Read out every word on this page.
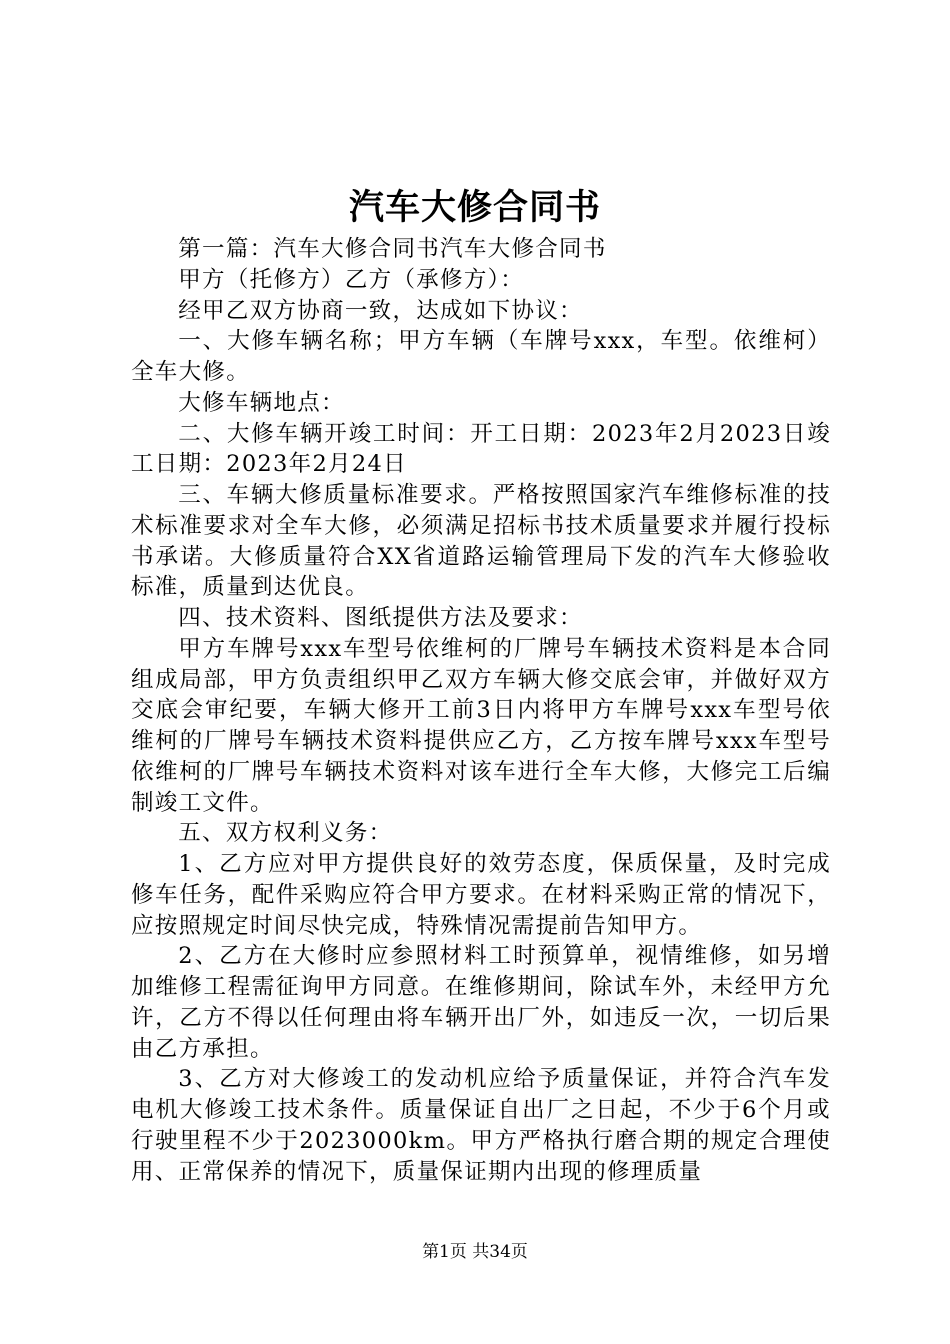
汽车大修合同书

第一篇：汽车大修合同书汽车大修合同书

甲方（托修方）乙方（承修方）：

经甲乙双方协商一致，达成如下协议：

一、大修车辆名称；甲方车辆（车牌号xxx，车型。依维柯）全车大修。

大修车辆地点：

二、大修车辆开竣工时间：开工日期：2023年2月2023日竣工日期：2023年2月24日

三、车辆大修质量标准要求。严格按照国家汽车维修标准的技术标准要求对全车大修，必须满足招标书技术质量要求并履行投标书承诺。大修质量符合XX省道路运输管理局下发的汽车大修验收标准，质量到达优良。

四、技术资料、图纸提供方法及要求：

甲方车牌号xxx车型号依维柯的厂牌号车辆技术资料是本合同组成局部，甲方负责组织甲乙双方车辆大修交底会审，并做好双方交底会审纪要，车辆大修开工前3日内将甲方车牌号xxx车型号依维柯的厂牌号车辆技术资料提供应乙方，乙方按车牌号xxx车型号依维柯的厂牌号车辆技术资料对该车进行全车大修，大修完工后编制竣工文件。

五、双方权利义务：

1、乙方应对甲方提供良好的效劳态度，保质保量，及时完成修车任务，配件采购应符合甲方要求。在材料采购正常的情况下，应按照规定时间尽快完成，特殊情况需提前告知甲方。

2、乙方在大修时应参照材料工时预算单，视情维修，如另增加维修工程需征询甲方同意。在维修期间，除试车外，未经甲方允许，乙方不得以任何理由将车辆开出厂外，如违反一次，一切后果由乙方承担。

3、乙方对大修竣工的发动机应给予质量保证，并符合汽车发电机大修竣工技术条件。质量保证自出厂之日起，不少于6个月或行驶里程不少于2023000km。甲方严格执行磨合期的规定合理使用、正常保养的情况下，质量保证期内出现的修理质量

第1页 共34页
